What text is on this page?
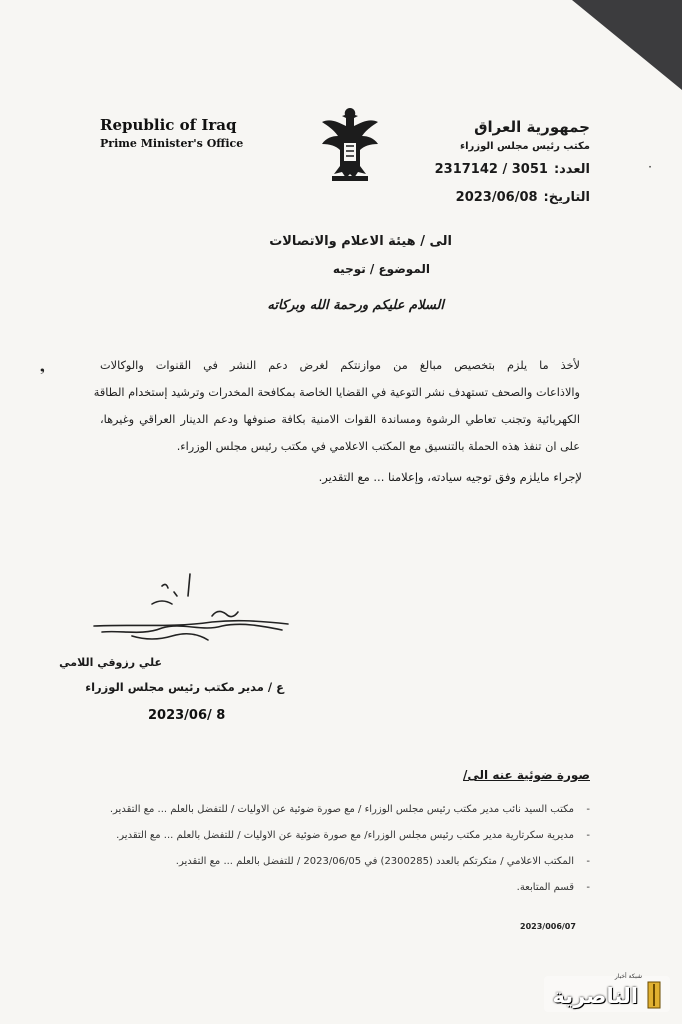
Republic of Iraq
Prime Minister's Office
جمهورية العراق
مكتب رئيس مجلس الوزراء
العدد:2317142 / 3051
التاريخ:2023/06/08
الى / هيئة الاعلام والاتصالات
الموضوع / توجيه
السلام عليكم ورحمة الله وبركاته
لأخذ ما يلزم بتخصيص مبالغ من موازنتكم لغرض دعم النشر في القنوات والوكالات
والاذاعات والصحف تستهدف نشر التوعية في القضايا الخاصة بمكافحة المخدرات وترشيد إستخدام الطاقة
الكهربائية وتجنب تعاطي الرشوة ومساندة القوات الامنية بكافة صنوفها ودعم الدينار العراقي وغيرها،
على ان تنفذ هذه الحملة بالتنسيق مع المكتب الاعلامي في مكتب رئيس مجلس الوزراء.
لإجراء مايلزم وفق توجيه سيادته، وإعلامنا ... مع التقدير.
❟
·
علي رزوقي اللامي
ع / مدير مكتب رئيس مجلس الوزراء
2023/06/ 8
صورة ضوئية عنه الى/
-
مكتب السيد نائب مدير مكتب رئيس مجلس الوزراء / مع صورة ضوئية عن الاوليات / للتفضل بالعلم ... مع التقدير.
-
مديرية سكرتارية مدير مكتب رئيس مجلس الوزراء/ مع صورة ضوئية عن الاوليات / للتفضل بالعلم ... مع التقدير.
-
المكتب الاعلامي / متكرتكم بالعدد (2300285) في 2023/06/05 / للتفضل بالعلم ... مع التقدير.
-
قسم المتابعة.
2023/006/07
شبكة أخبار
الناصرية
